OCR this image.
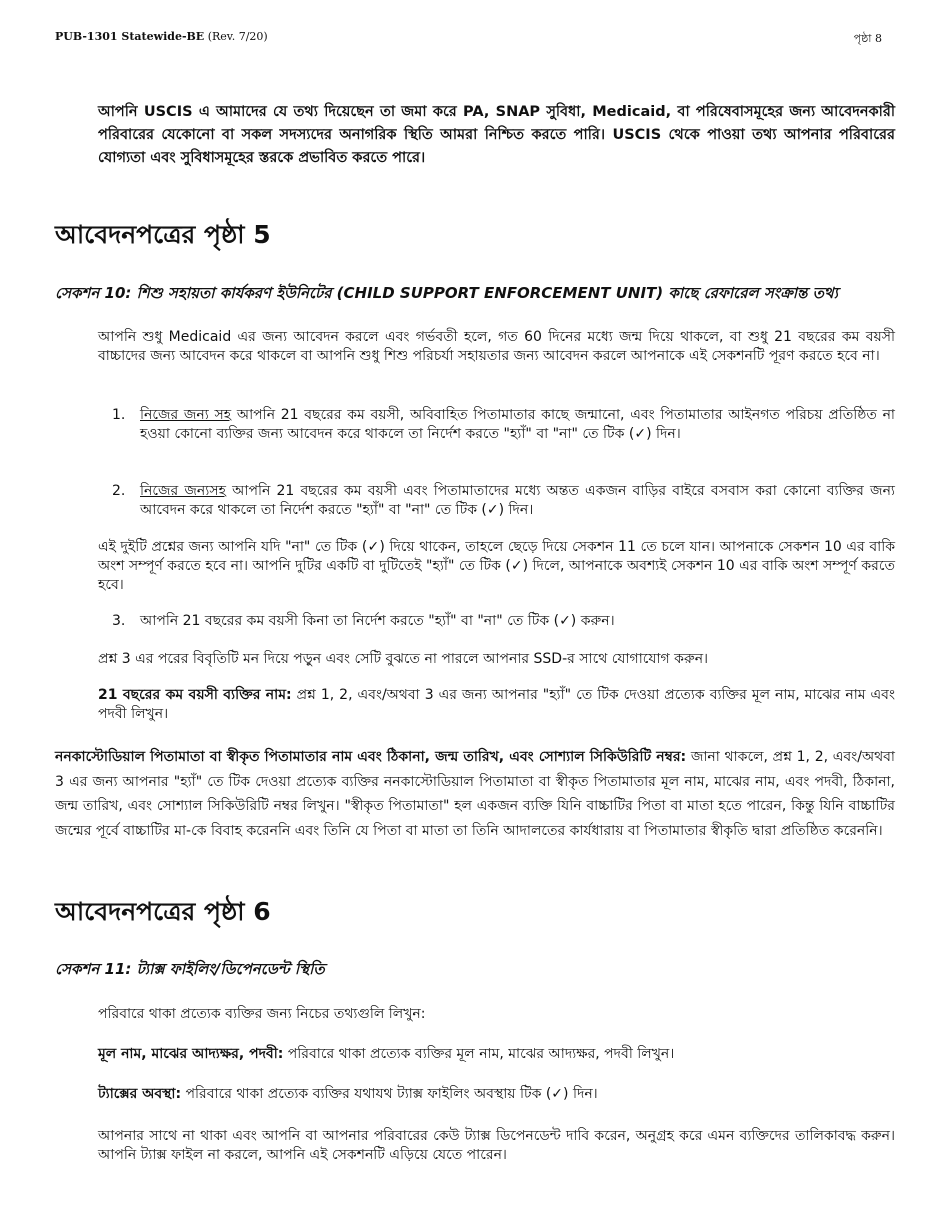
PUB-1301 Statewide-BE (Rev. 7/20)	পৃষ্ঠা 8
আপনি USCIS এ আমাদের যে তথ্য দিয়েছেন তা জমা করে PA, SNAP সুবিধা, Medicaid, বা পরিষেবাসমূহের জন্য আবেদনকারী পরিবারের যেকোনো বা সকল সদস্যদের অনাগরিক স্থিতি আমরা নিশ্চিত করতে পারি। USCIS থেকে পাওয়া তথ্য আপনার পরিবারের যোগ্যতা এবং সুবিধাসমূহের স্তরকে প্রভাবিত করতে পারে।
আবেদনপত্রের পৃষ্ঠা 5
সেকশন 10: শিশু সহায়তা কার্যকরণ ইউনিটের (CHILD SUPPORT ENFORCEMENT UNIT) কাছে রেফারেল সংক্রান্ত তথ্য
আপনি শুধু Medicaid এর জন্য আবেদন করলে এবং গর্ভবতী হলে, গত 60 দিনের মধ্যে জন্ম দিয়ে থাকলে, বা শুধু 21 বছরের কম বয়সী বাচ্চাদের জন্য আবেদন করে থাকলে বা আপনি শুধু শিশু পরিচর্যা সহায়তার জন্য আবেদন করলে আপনাকে এই সেকশনটি পূরণ করতে হবে না।
1.	নিজের জন্য সহ আপনি 21 বছরের কম বয়সী, অবিবাহিত পিতামাতার কাছে জন্মানো, এবং পিতামাতার আইনগত পরিচয় প্রতিষ্ঠিত না হওয়া কোনো ব্যক্তির জন্য আবেদন করে থাকলে তা নির্দেশ করতে "হ্যাঁ" বা "না" তে টিক (✓) দিন।
2.	নিজের জন্যসহ আপনি 21 বছরের কম বয়সী এবং পিতামাতাদের মধ্যে অন্তত একজন বাড়ির বাইরে বসবাস করা কোনো ব্যক্তির জন্য আবেদন করে থাকলে তা নির্দেশ করতে "হ্যাঁ" বা "না" তে টিক (✓) দিন।
এই দুইটি প্রশ্নের জন্য আপনি যদি "না" তে টিক (✓) দিয়ে থাকেন, তাহলে ছেড়ে দিয়ে সেকশন 11 তে চলে যান। আপনাকে সেকশন 10 এর বাকি অংশ সম্পূর্ণ করতে হবে না। আপনি দুটির একটি বা দুটিতেই "হ্যাঁ" তে টিক (✓) দিলে, আপনাকে অবশ্যই সেকশন 10 এর বাকি অংশ সম্পূর্ণ করতে হবে।
3.	আপনি 21 বছরের কম বয়সী কিনা তা নির্দেশ করতে "হ্যাঁ" বা "না" তে টিক (✓) করুন।
প্রশ্ন 3 এর পরের বিবৃতিটি মন দিয়ে পড়ুন এবং সেটি বুঝতে না পারলে আপনার SSD-র সাথে যোগাযোগ করুন।
21 বছরের কম বয়সী ব্যক্তির নাম: প্রশ্ন 1, 2, এবং/অথবা 3 এর জন্য আপনার "হ্যাঁ" তে টিক দেওয়া প্রত্যেক ব্যক্তির মূল নাম, মাঝের নাম এবং পদবী লিখুন।
ননকাস্টোডিয়াল পিতামাতা বা স্বীকৃত পিতামাতার নাম এবং ঠিকানা, জন্ম তারিখ, এবং সোশ্যাল সিকিউরিটি নম্বর: জানা থাকলে, প্রশ্ন 1, 2, এবং/অথবা 3 এর জন্য আপনার "হ্যাঁ" তে টিক দেওয়া প্রত্যেক ব্যক্তির ননকাস্টোডিয়াল পিতামাতা বা স্বীকৃত পিতামাতার মূল নাম, মাঝের নাম, এবং পদবী, ঠিকানা, জন্ম তারিখ, এবং সোশ্যাল সিকিউরিটি নম্বর লিখুন। "স্বীকৃত পিতামাতা" হল একজন ব্যক্তি যিনি বাচ্চাটির পিতা বা মাতা হতে পারেন, কিন্তু যিনি বাচ্চাটির জন্মের পূর্বে বাচ্চাটির মা-কে বিবাহ করেননি এবং তিনি যে পিতা বা মাতা তা তিনি আদালতের কার্যধারায় বা পিতামাতার স্বীকৃতি দ্বারা প্রতিষ্ঠিত করেননি।
আবেদনপত্রের পৃষ্ঠা 6
সেকশন 11: ট্যাক্স ফাইলিং/ডিপেনডেন্ট স্থিতি
পরিবারে থাকা প্রত্যেক ব্যক্তির জন্য নিচের তথ্যগুলি লিখুন:
মূল নাম, মাঝের আদ্যক্ষর, পদবী: পরিবারে থাকা প্রত্যেক ব্যক্তির মূল নাম, মাঝের আদ্যক্ষর, পদবী লিখুন।
ট্যাক্সের অবস্থা: পরিবারে থাকা প্রত্যেক ব্যক্তির যথাযথ ট্যাক্স ফাইলিং অবস্থায় টিক (✓) দিন।
আপনার সাথে না থাকা এবং আপনি বা আপনার পরিবারের কেউ ট্যাক্স ডিপেনডেন্ট দাবি করেন, অনুগ্রহ করে এমন ব্যক্তিদের তালিকাবদ্ধ করুন। আপনি ট্যাক্স ফাইল না করলে, আপনি এই সেকশনটি এড়িয়ে যেতে পারেন।
